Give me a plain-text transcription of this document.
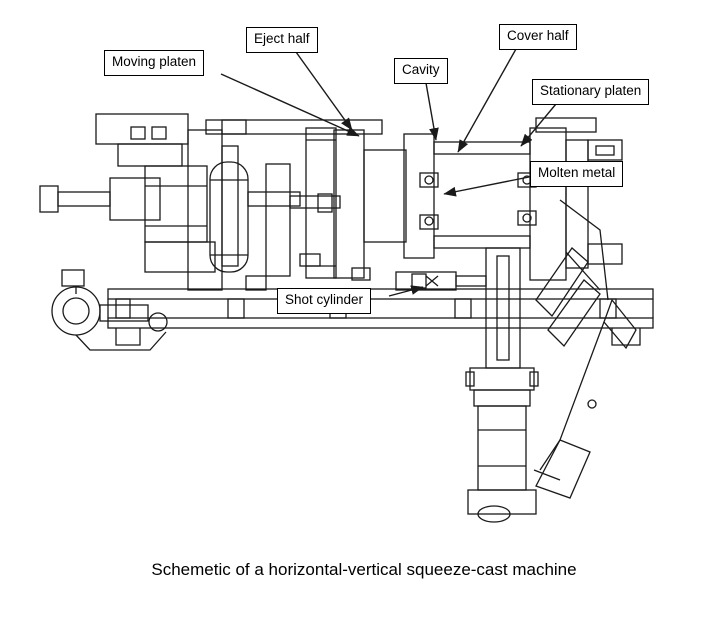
Moving platen
Eject half
Cavity
Cover half
Stationary platen
Molten metal
Shot cylinder
Schemetic of a horizontal-vertical squeeze-cast machine
